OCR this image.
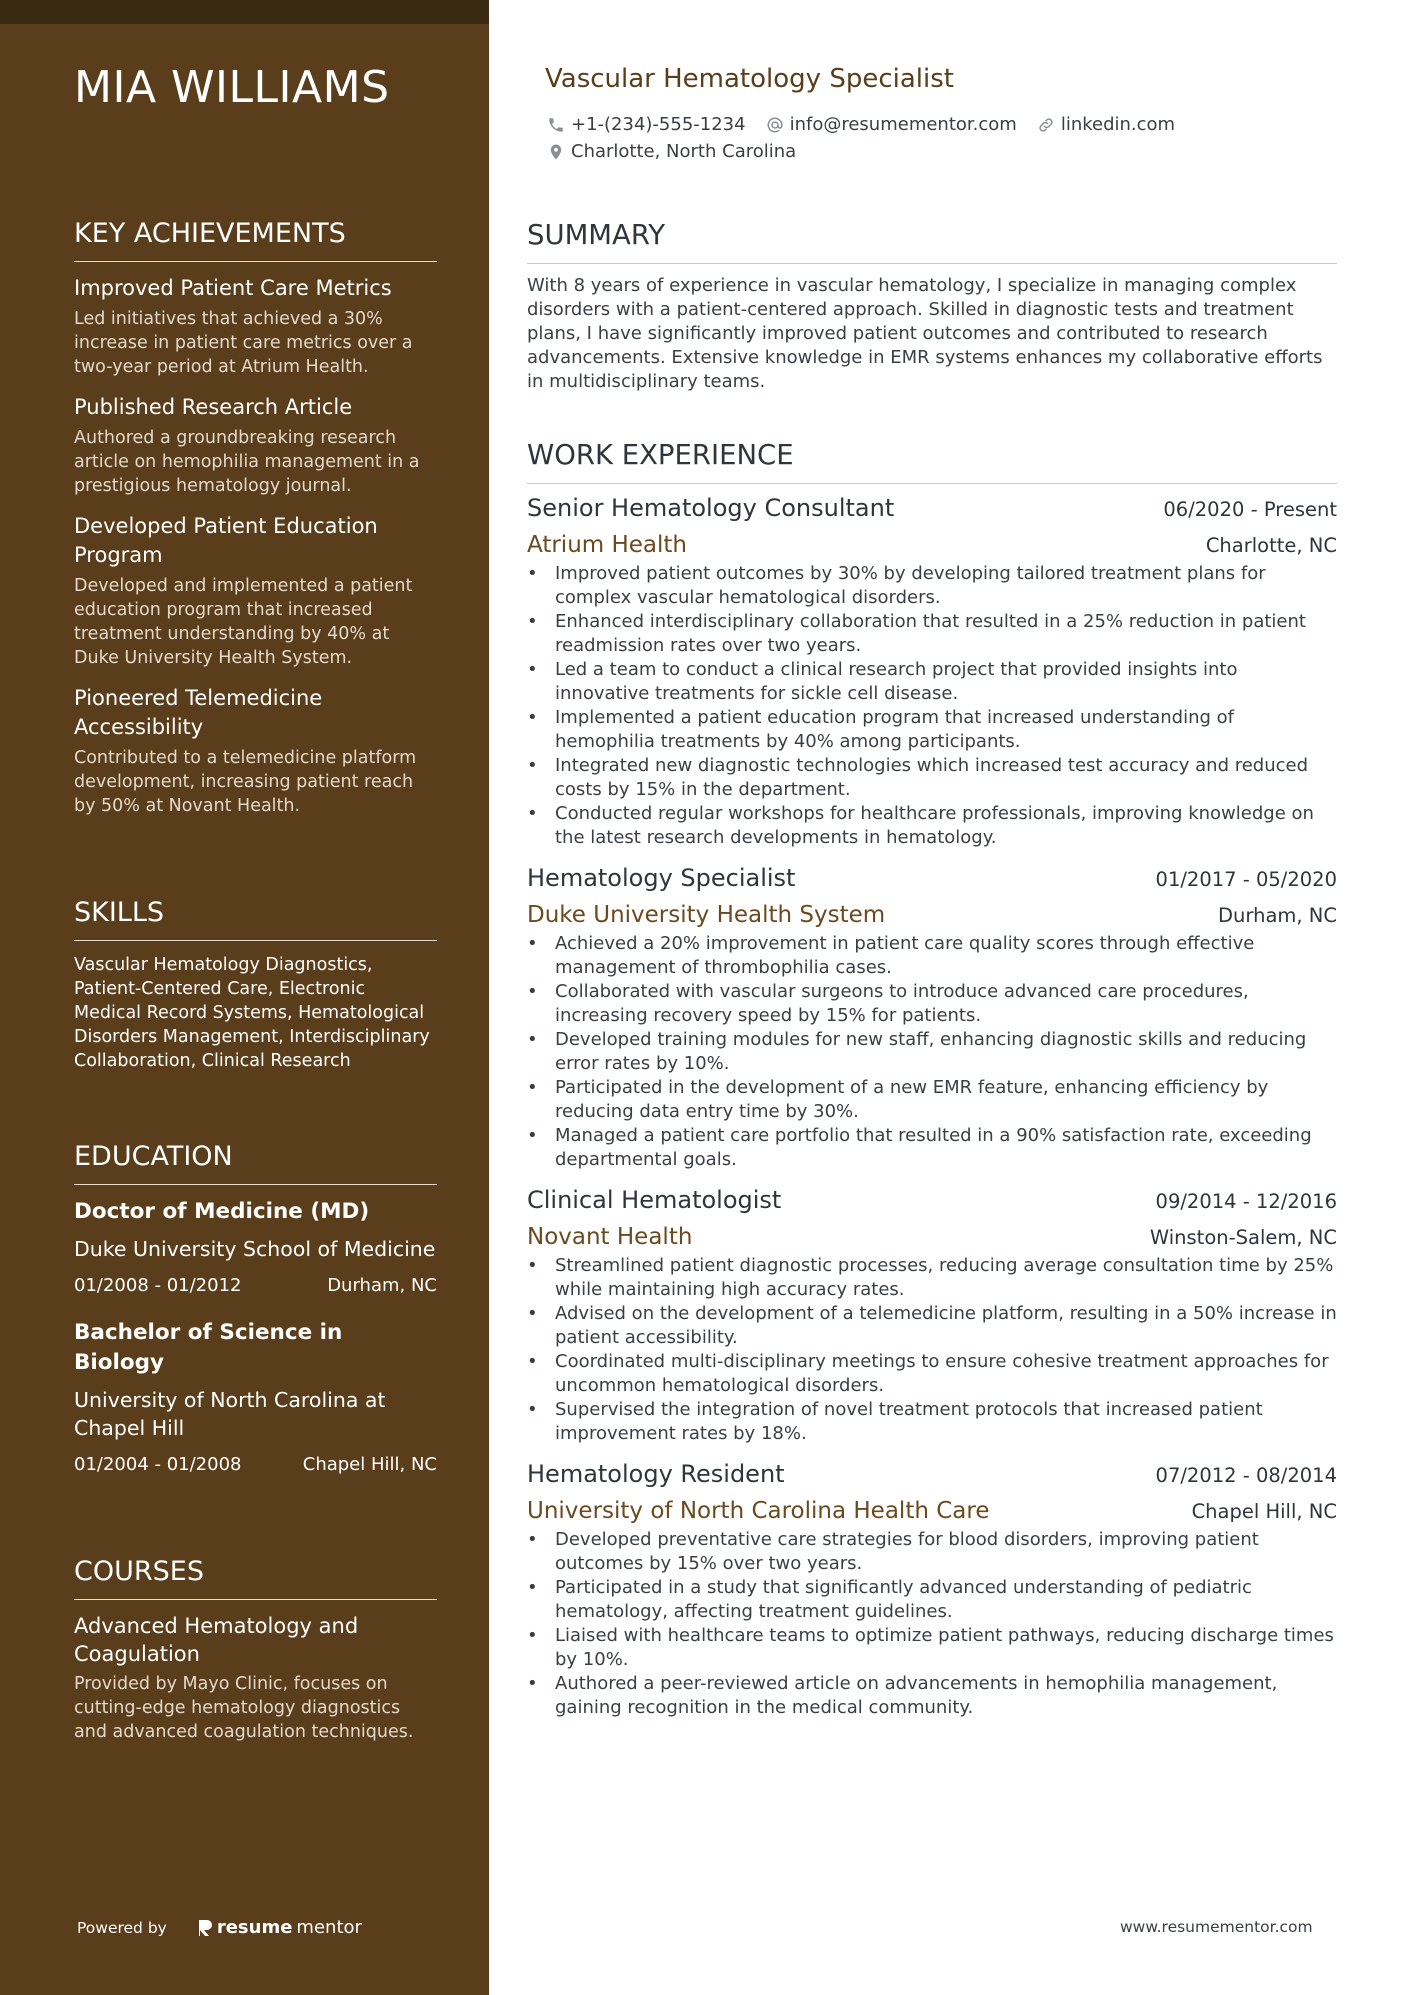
MIA WILLIAMS
KEY ACHIEVEMENTS
Improved Patient Care Metrics
Led initiatives that achieved a 30% increase in patient care metrics over a two-year period at Atrium Health.
Published Research Article
Authored a groundbreaking research article on hemophilia management in a prestigious hematology journal.
Developed Patient Education Program
Developed and implemented a patient education program that increased treatment understanding by 40% at Duke University Health System.
Pioneered Telemedicine Accessibility
Contributed to a telemedicine platform development, increasing patient reach by 50% at Novant Health.
SKILLS
Vascular Hematology Diagnostics, Patient-Centered Care, Electronic Medical Record Systems, Hematological Disorders Management, Interdisciplinary Collaboration, Clinical Research
EDUCATION
Doctor of Medicine (MD)
Duke University School of Medicine
01/2008 - 01/2012	Durham, NC
Bachelor of Science in Biology
University of North Carolina at Chapel Hill
01/2004 - 01/2008	Chapel Hill, NC
COURSES
Advanced Hematology and Coagulation
Provided by Mayo Clinic, focuses on cutting-edge hematology diagnostics and advanced coagulation techniques.
Powered by	resume mentor
Vascular Hematology Specialist
+1-(234)-555-1234 info@resumementor.com linkedin.com
Charlotte, North Carolina
SUMMARY
With 8 years of experience in vascular hematology, I specialize in managing complex disorders with a patient-centered approach. Skilled in diagnostic tests and treatment plans, I have significantly improved patient outcomes and contributed to research advancements. Extensive knowledge in EMR systems enhances my collaborative efforts in multidisciplinary teams.
WORK EXPERIENCE
Senior Hematology Consultant	06/2020 - Present
Atrium Health	Charlotte, NC
• Improved patient outcomes by 30% by developing tailored treatment plans for complex vascular hematological disorders.
• Enhanced interdisciplinary collaboration that resulted in a 25% reduction in patient readmission rates over two years.
• Led a team to conduct a clinical research project that provided insights into innovative treatments for sickle cell disease.
• Implemented a patient education program that increased understanding of hemophilia treatments by 40% among participants.
• Integrated new diagnostic technologies which increased test accuracy and reduced costs by 15% in the department.
• Conducted regular workshops for healthcare professionals, improving knowledge on the latest research developments in hematology.
Hematology Specialist	01/2017 - 05/2020
Duke University Health System	Durham, NC
• Achieved a 20% improvement in patient care quality scores through effective management of thrombophilia cases.
• Collaborated with vascular surgeons to introduce advanced care procedures, increasing recovery speed by 15% for patients.
• Developed training modules for new staff, enhancing diagnostic skills and reducing error rates by 10%.
• Participated in the development of a new EMR feature, enhancing efficiency by reducing data entry time by 30%.
• Managed a patient care portfolio that resulted in a 90% satisfaction rate, exceeding departmental goals.
Clinical Hematologist	09/2014 - 12/2016
Novant Health	Winston-Salem, NC
• Streamlined patient diagnostic processes, reducing average consultation time by 25% while maintaining high accuracy rates.
• Advised on the development of a telemedicine platform, resulting in a 50% increase in patient accessibility.
• Coordinated multi-disciplinary meetings to ensure cohesive treatment approaches for uncommon hematological disorders.
• Supervised the integration of novel treatment protocols that increased patient improvement rates by 18%.
Hematology Resident	07/2012 - 08/2014
University of North Carolina Health Care	Chapel Hill, NC
• Developed preventative care strategies for blood disorders, improving patient outcomes by 15% over two years.
• Participated in a study that significantly advanced understanding of pediatric hematology, affecting treatment guidelines.
• Liaised with healthcare teams to optimize patient pathways, reducing discharge times by 10%.
• Authored a peer-reviewed article on advancements in hemophilia management, gaining recognition in the medical community.
www.resumementor.com
